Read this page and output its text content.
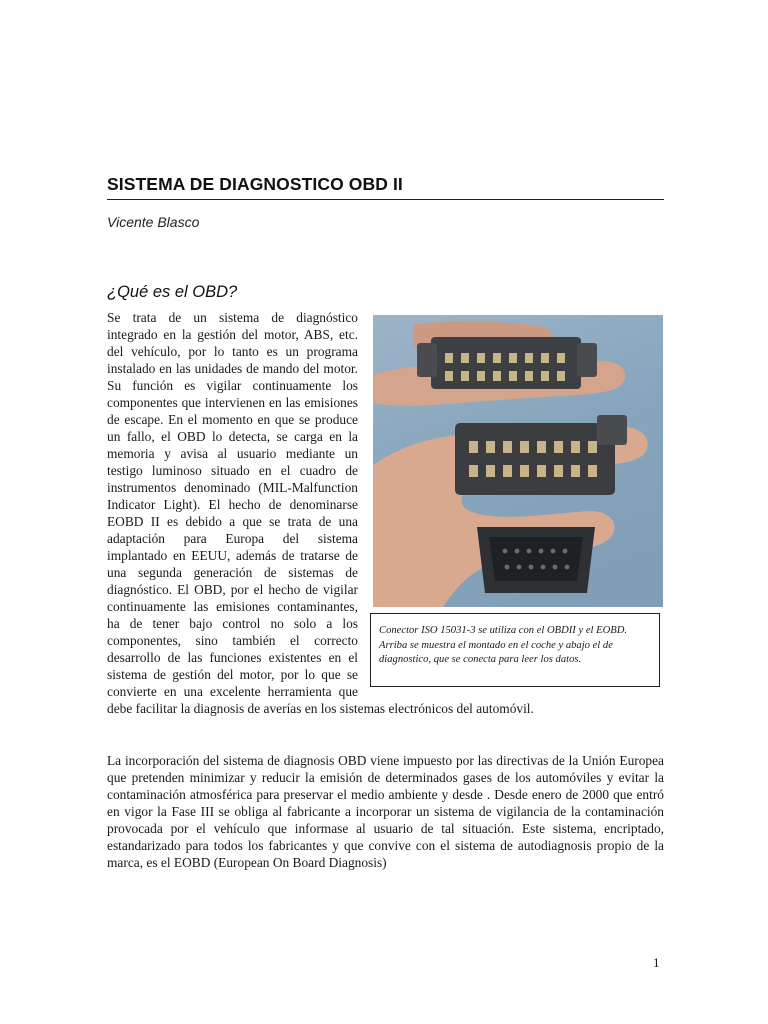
SISTEMA DE DIAGNOSTICO OBD II
Vicente Blasco
¿Qué es el OBD?
Se trata de un sistema de diagnóstico integrado en la gestión del motor, ABS, etc. del vehículo, por lo tanto es un programa instalado en las unidades de mando del motor. Su función es vigilar continuamente los componentes que intervienen en las emisiones de escape. En el momento en que se produce un fallo, el OBD lo detecta, se carga en la memoria y avisa al usuario mediante un testigo luminoso situado en el cuadro de instrumentos denominado (MIL-Malfunction Indicator Light). El hecho de denominarse EOBD II es debido a que se trata de una adaptación para Europa del sistema implantado en EEUU, además de tratarse de una segunda generación de sistemas de diagnóstico. El OBD, por el hecho de vigilar continuamente las emisiones contaminantes, ha de tener bajo control no solo a los componentes, sino también el correcto desarrollo de las funciones existentes en el sistema de gestión del motor, por lo que se convierte en una excelente herramienta que debe facilitar la diagnosis de averías en los sistemas electrónicos del automóvil.
Conector ISO 15031-3 se utiliza con el OBDII y el EOBD. Arriba se muestra el montado en el coche y abajo el de diagnostico, que se conecta para leer los datos.
La incorporación del sistema de diagnosis OBD viene impuesto por las directivas de la Unión Europea que pretenden minimizar y reducir la emisión de determinados gases de los automóviles y evitar la contaminación atmosférica para preservar el medio ambiente y desde . Desde enero de 2000 que entró en vigor la Fase III se obliga al fabricante a incorporar un sistema de vigilancia de la contaminación provocada por el vehículo que informase al usuario de tal situación. Este sistema, encriptado, estandarizado para todos los fabricantes y que convive con el sistema de autodiagnosis propio de la marca, es el EOBD (European On Board Diagnosis)
1
